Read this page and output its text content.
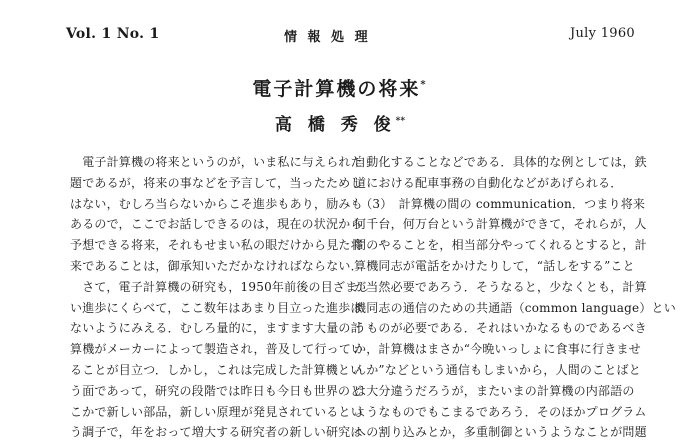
Vol. 1 No. 1	情 報 処 理	July 1960
電子計算機の将来*
高 橋 秀 俊**

　電子計算機の将来というのが，いま私に与えられた

題であるが，将来の事などを予言して，当ったためし

はない，むしろ当らないからこそ進歩もあり，励みも

あるので，ここでお話しできるのは，現在の状況から

予想できる将来，それもせまい私の眼だけから見た将

来であることは，御承知いただかなければならない．

　さて，電子計算機の研究も，1950年前後の目ざまし

い進歩にくらべて，ここ数年はあまり目立った進歩は

ないようにみえる．むしろ量的に，ますます大量の計

算機がメーカーによって製造され，普及して行ってい

ることが目立つ．しかし，これは完成した計算機とい

う面であって，研究の段階では昨日も今日も世界のど

こかで新しい部品，新しい原理が発見されているとい

う調子で，年をおって増大する研究者の新しい研究は

自動化することなどである．具体的な例としては，鉄

道における配車事務の自動化などがあげられる．

　（3）　計算機の間の communication．つまり将来

何千台，何万台という計算機ができて，それらが，人

間のやることを，相当部分やってくれるとすると，計

算機同志が電話をかけたりして，“話しをする”こと

が当然必要であろう．そうなると，少なくとも，計算

機同志の通信のための共通語（common language）とい

うものが必要である．それはいかなるものであるべき

か，計算機はまさか“今晩いっしょに食事に行きませ

んか”などという通信もしまいから，人間のことばと

は大分違うだろうが，またいまの計算機の内部語の

ようなものでもこまるであろう．そのほかプログラム

への割り込みとか，多重制御というようなことが問題
